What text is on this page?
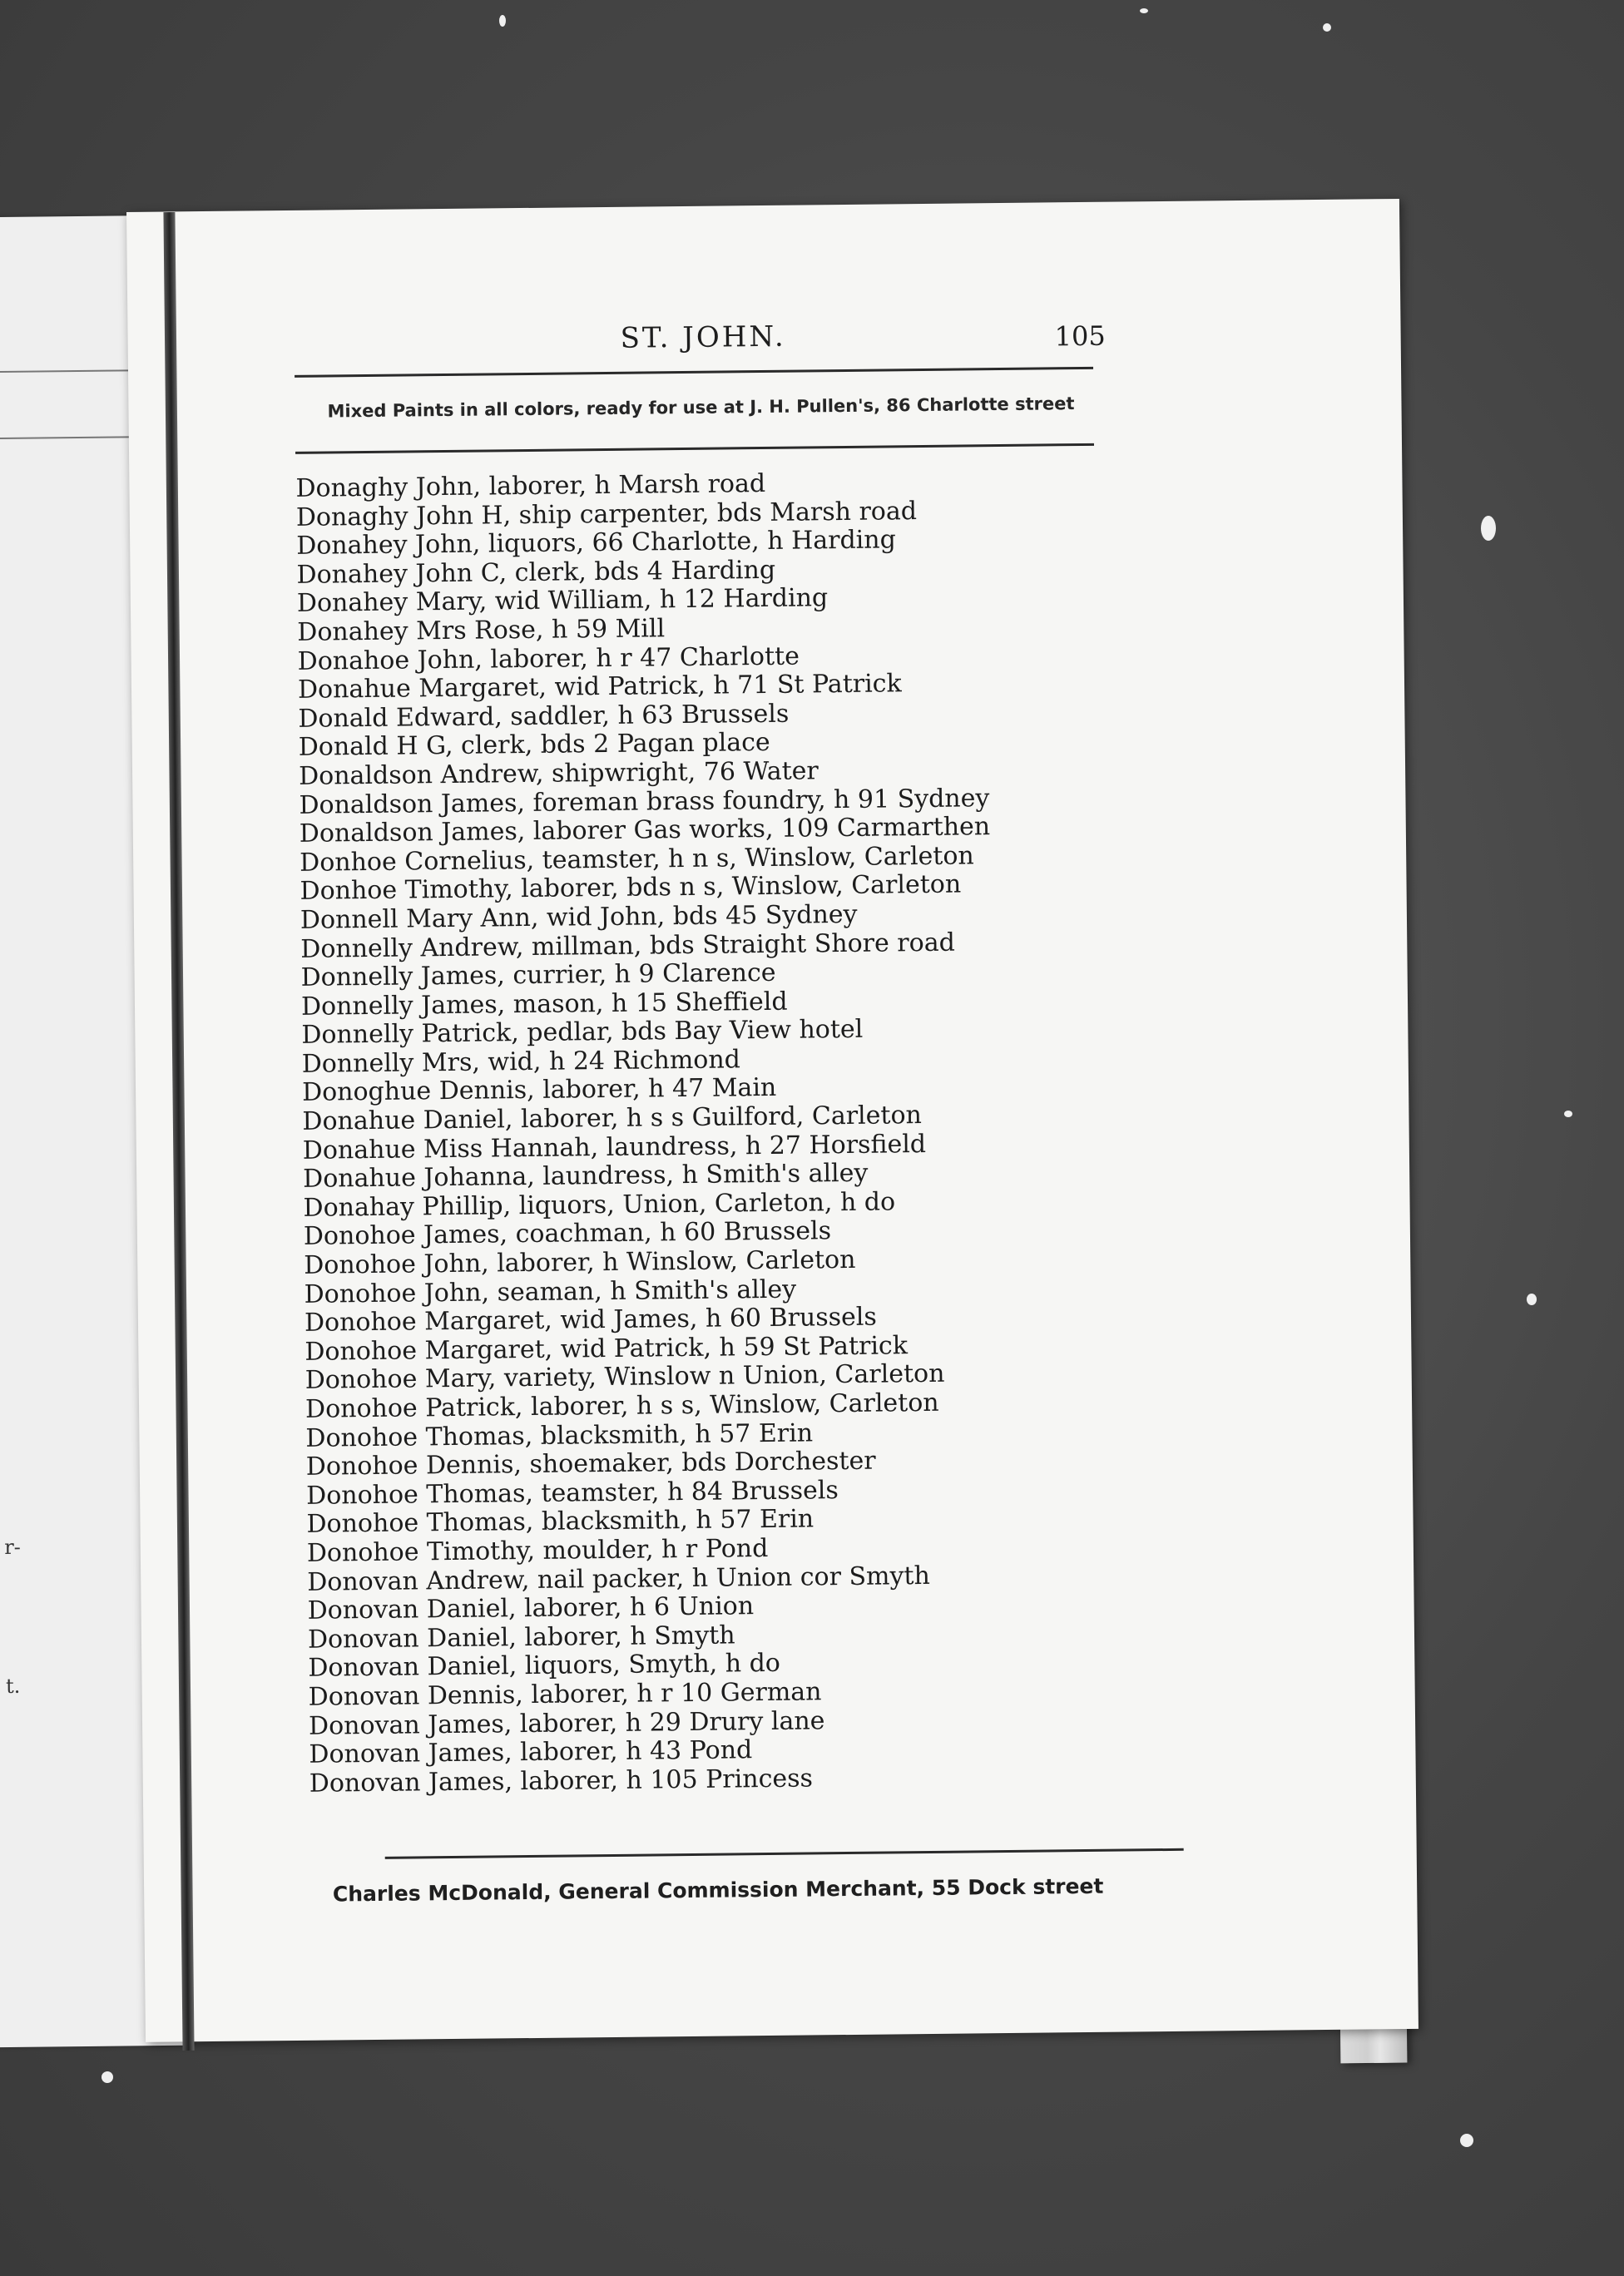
r-
t.
ST. JOHN.	105
Mixed Paints in all colors, ready for use at J. H. Pullen's, 86 Charlotte street
Donaghy John, laborer, h Marsh road
Donaghy John H, ship carpenter, bds Marsh road
Donahey John, liquors, 66 Charlotte, h Harding
Donahey John C, clerk, bds 4 Harding
Donahey Mary, wid William, h 12 Harding
Donahey Mrs Rose, h 59 Mill
Donahoe John, laborer, h r 47 Charlotte
Donahue Margaret, wid Patrick, h 71 St Patrick
Donald Edward, saddler, h 63 Brussels
Donald H G, clerk, bds 2 Pagan place
Donaldson Andrew, shipwright, 76 Water
Donaldson James, foreman brass foundry, h 91 Sydney
Donaldson James, laborer Gas works, 109 Carmarthen
Donhoe Cornelius, teamster, h n s, Winslow, Carleton
Donhoe Timothy, laborer, bds n s, Winslow, Carleton
Donnell Mary Ann, wid John, bds 45 Sydney
Donnelly Andrew, millman, bds Straight Shore road
Donnelly James, currier, h 9 Clarence
Donnelly James, mason, h 15 Sheffield
Donnelly Patrick, pedlar, bds Bay View hotel
Donnelly Mrs, wid, h 24 Richmond
Donoghue Dennis, laborer, h 47 Main
Donahue Daniel, laborer, h s s Guilford, Carleton
Donahue Miss Hannah, laundress, h 27 Horsfield
Donahue Johanna, laundress, h Smith's alley
Donahay Phillip, liquors, Union, Carleton, h do
Donohoe James, coachman, h 60 Brussels
Donohoe John, laborer, h Winslow, Carleton
Donohoe John, seaman, h Smith's alley
Donohoe Margaret, wid James, h 60 Brussels
Donohoe Margaret, wid Patrick, h 59 St Patrick
Donohoe Mary, variety, Winslow n Union, Carleton
Donohoe Patrick, laborer, h s s, Winslow, Carleton
Donohoe Thomas, blacksmith, h 57 Erin
Donohoe Dennis, shoemaker, bds Dorchester
Donohoe Thomas, teamster, h 84 Brussels
Donohoe Thomas, blacksmith, h 57 Erin
Donohoe Timothy, moulder, h r Pond
Donovan Andrew, nail packer, h Union cor Smyth
Donovan Daniel, laborer, h 6 Union
Donovan Daniel, laborer, h Smyth
Donovan Daniel, liquors, Smyth, h do
Donovan Dennis, laborer, h r 10 German
Donovan James, laborer, h 29 Drury lane
Donovan James, laborer, h 43 Pond
Donovan James, laborer, h 105 Princess
Charles McDonald, General Commission Merchant, 55 Dock street
